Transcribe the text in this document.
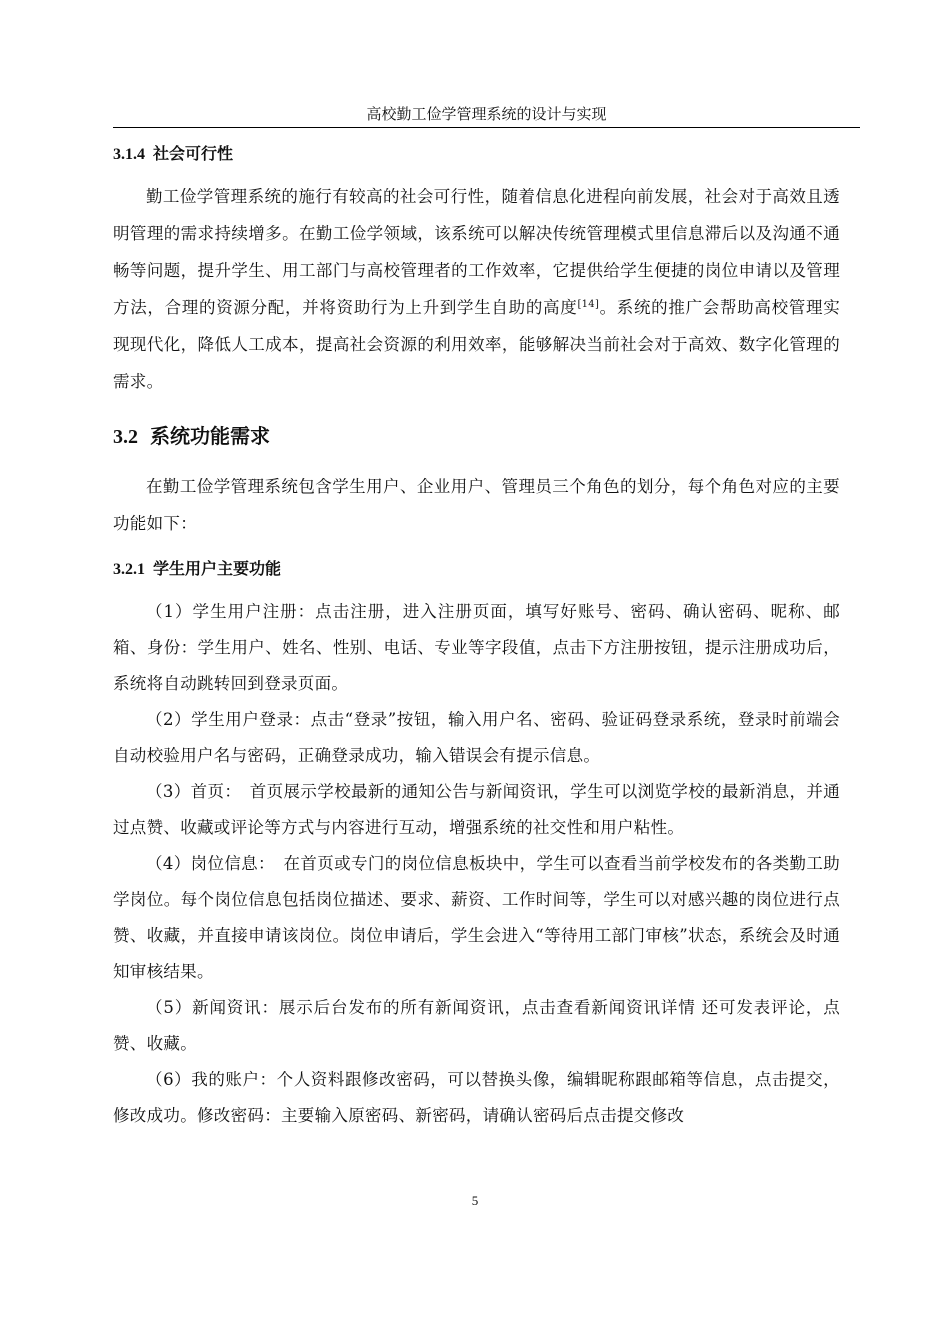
高校勤工俭学管理系统的设计与实现
3.1.4 社会可行性

勤工俭学管理系统的施行有较高的社会可行性，随着信息化进程向前发展，社会对于高效且透明管理的需求持续增多。在勤工俭学领域，该系统可以解决传统管理模式里信息滞后以及沟通不通畅等问题，提升学生、用工部门与高校管理者的工作效率，它提供给学生便捷的岗位申请以及管理方法，合理的资源分配，并将资助行为上升到学生自助的高度[14]。系统的推广会帮助高校管理实现现代化，降低人工成本，提高社会资源的利用效率，能够解决当前社会对于高效、数字化管理的需求。

3.2 系统功能需求

在勤工俭学管理系统包含学生用户、企业用户、管理员三个角色的划分，每个角色对应的主要功能如下：

3.2.1 学生用户主要功能

（1）学生用户注册：点击注册，进入注册页面，填写好账号、密码、确认密码、昵称、邮箱、身份：学生用户、姓名、性别、电话、专业等字段值，点击下方注册按钮，提示注册成功后，系统将自动跳转回到登录页面。

（2）学生用户登录：点击“登录”按钮，输入用户名、密码、验证码登录系统，登录时前端会自动校验用户名与密码，正确登录成功，输入错误会有提示信息。

（3）首页：　首页展示学校最新的通知公告与新闻资讯，学生可以浏览学校的最新消息，并通过点赞、收藏或评论等方式与内容进行互动，增强系统的社交性和用户粘性。

（4）岗位信息：　在首页或专门的岗位信息板块中，学生可以查看当前学校发布的各类勤工助学岗位。每个岗位信息包括岗位描述、要求、薪资、工作时间等，学生可以对感兴趣的岗位进行点赞、收藏，并直接申请该岗位。岗位申请后，学生会进入“等待用工部门审核”状态，系统会及时通知审核结果。

（5）新闻资讯：展示后台发布的所有新闻资讯，点击查看新闻资讯详情 还可发表评论，点赞、收藏。

（6）我的账户：个人资料跟修改密码，可以替换头像，编辑昵称跟邮箱等信息，点击提交，修改成功。修改密码：主要输入原密码、新密码，请确认密码后点击提交修改

5
